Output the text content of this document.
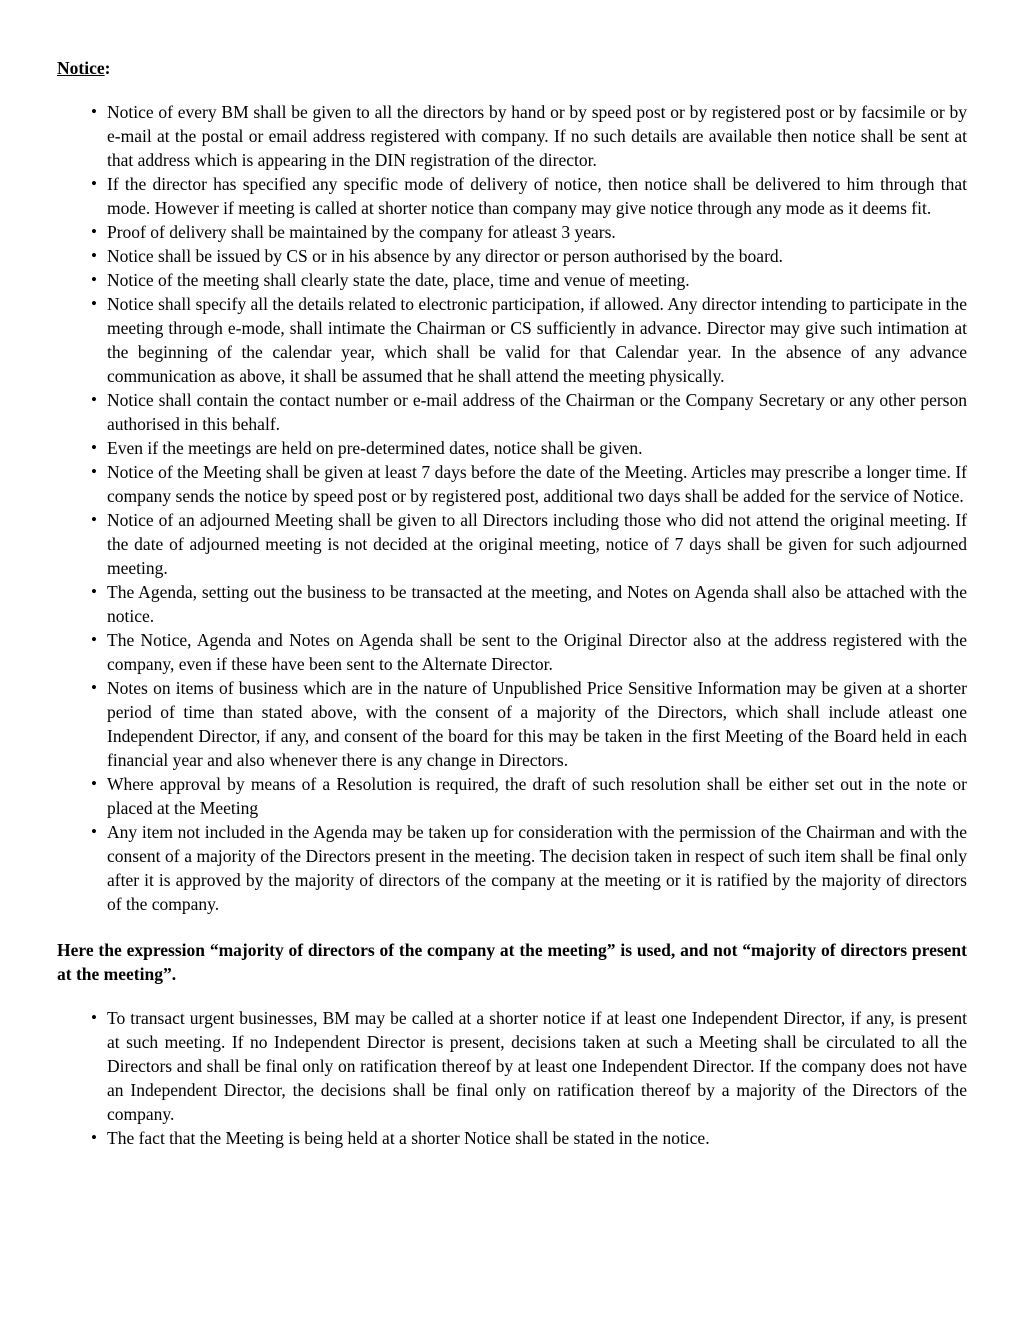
Notice:
• Notice of every BM shall be given to all the directors by hand or by speed post or by registered post or by facsimile or by e-mail at the postal or email address registered with company. If no such details are available then notice shall be sent at that address which is appearing in the DIN registration of the director.
• If the director has specified any specific mode of delivery of notice, then notice shall be delivered to him through that mode. However if meeting is called at shorter notice than company may give notice through any mode as it deems fit.
• Proof of delivery shall be maintained by the company for atleast 3 years.
• Notice shall be issued by CS or in his absence by any director or person authorised by the board.
• Notice of the meeting shall clearly state the date, place, time and venue of meeting.
• Notice shall specify all the details related to electronic participation, if allowed. Any director intending to participate in the meeting through e-mode, shall intimate the Chairman or CS sufficiently in advance. Director may give such intimation at the beginning of the calendar year, which shall be valid for that Calendar year. In the absence of any advance communication as above, it shall be assumed that he shall attend the meeting physically.
• Notice shall contain the contact number or e-mail address of the Chairman or the Company Secretary or any other person authorised in this behalf.
• Even if the meetings are held on pre-determined dates, notice shall be given.
• Notice of the Meeting shall be given at least 7 days before the date of the Meeting. Articles may prescribe a longer time. If company sends the notice by speed post or by registered post, additional two days shall be added for the service of Notice.
• Notice of an adjourned Meeting shall be given to all Directors including those who did not attend the original meeting. If the date of adjourned meeting is not decided at the original meeting, notice of 7 days shall be given for such adjourned meeting.
• The Agenda, setting out the business to be transacted at the meeting, and Notes on Agenda shall also be attached with the notice.
• The Notice, Agenda and Notes on Agenda shall be sent to the Original Director also at the address registered with the company, even if these have been sent to the Alternate Director.
• Notes on items of business which are in the nature of Unpublished Price Sensitive Information may be given at a shorter period of time than stated above, with the consent of a majority of the Directors, which shall include atleast one Independent Director, if any, and consent of the board for this may be taken in the first Meeting of the Board held in each financial year and also whenever there is any change in Directors.
• Where approval by means of a Resolution is required, the draft of such resolution shall be either set out in the note or placed at the Meeting
• Any item not included in the Agenda may be taken up for consideration with the permission of the Chairman and with the consent of a majority of the Directors present in the meeting. The decision taken in respect of such item shall be final only after it is approved by the majority of directors of the company at the meeting or it is ratified by the majority of directors of the company.
Here the expression “majority of directors of the company at the meeting” is used, and not “majority of directors present at the meeting”.
• To transact urgent businesses, BM may be called at a shorter notice if at least one Independent Director, if any, is present at such meeting. If no Independent Director is present, decisions taken at such a Meeting shall be circulated to all the Directors and shall be final only on ratification thereof by at least one Independent Director. If the company does not have an Independent Director, the decisions shall be final only on ratification thereof by a majority of the Directors of the company.
• The fact that the Meeting is being held at a shorter Notice shall be stated in the notice.
